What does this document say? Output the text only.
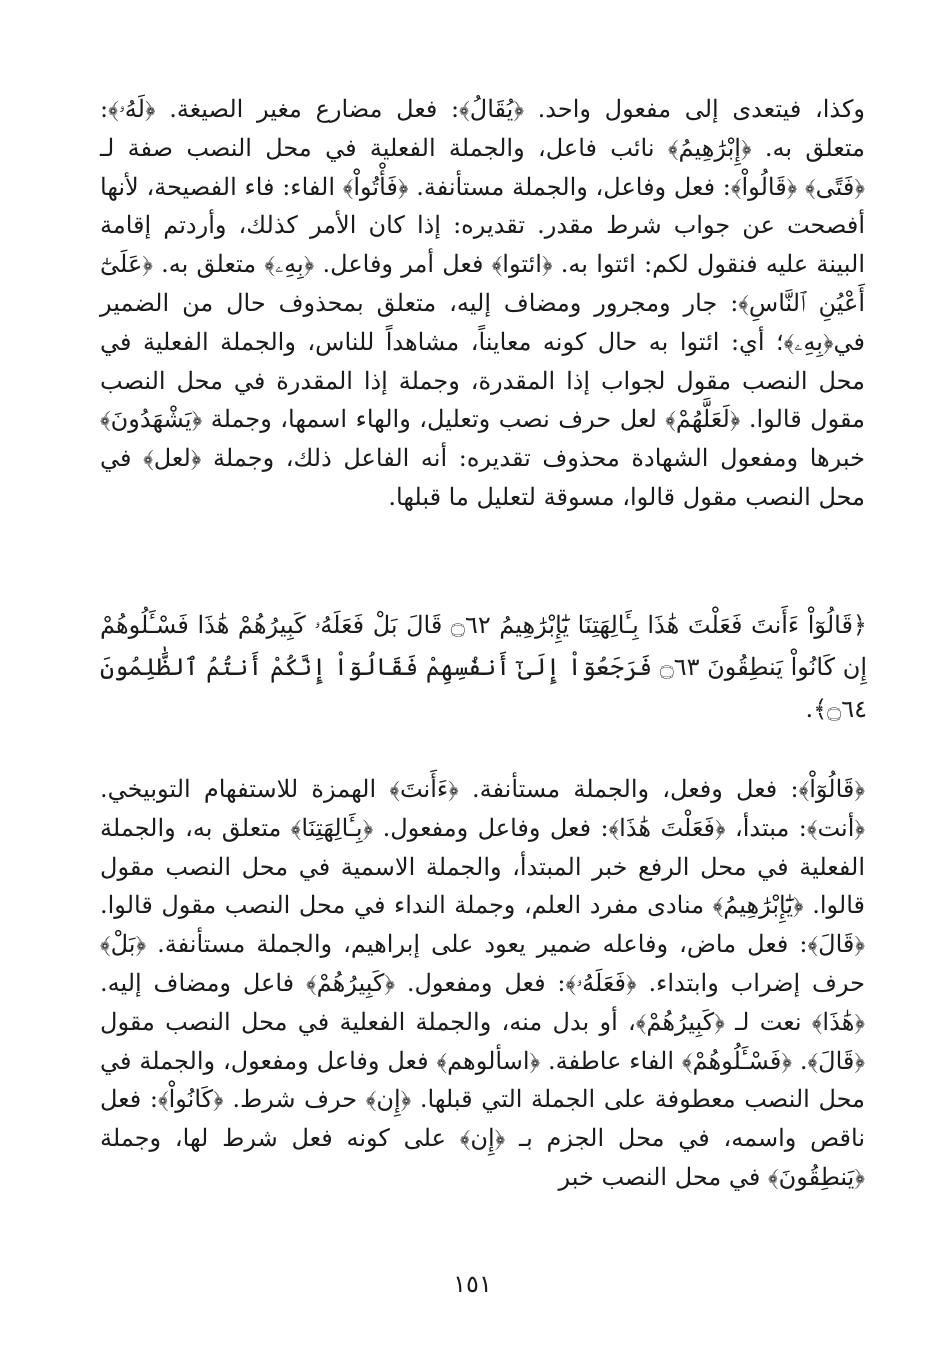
وكذا، فيتعدى إلى مفعول واحد. ﴿يُقَالُ﴾: فعل مضارع مغير الصيغة. ﴿لَهُۥ﴾: متعلق به. ﴿إِبْرَٰهِيمُ﴾ نائب فاعل، والجملة الفعلية في محل النصب صفة لـ ﴿فَتًى﴾ ﴿قَالُواْ﴾: فعل وفاعل، والجملة مستأنفة. ﴿فَأْتُواْ﴾ الفاء: فاء الفصيحة، لأنها أفصحت عن جواب شرط مقدر. تقديره: إذا كان الأمر كذلك، وأردتم إقامة البينة عليه فنقول لكم: ائتوا به. ﴿ائتوا﴾ فعل أمر وفاعل. ﴿بِهِۦ﴾ متعلق به. ﴿عَلَىٰٓ أَعْيُنِ ٱلنَّاسِ﴾: جار ومجرور ومضاف إليه، متعلق بمحذوف حال من الضمير في﴿بِهِۦ﴾؛ أي: ائتوا به حال كونه معايناً، مشاهداً للناس، والجملة الفعلية في محل النصب مقول لجواب إذا المقدرة، وجملة إذا المقدرة في محل النصب مقول قالوا. ﴿لَعَلَّهُمْ﴾ لعل حرف نصب وتعليل، والهاء اسمها، وجملة ﴿يَشْهَدُونَ﴾ خبرها ومفعول الشهادة محذوف تقديره: أنه الفاعل ذلك، وجملة ﴿لعل﴾ في محل النصب مقول قالوا، مسوقة لتعليل ما قبلها.

﴿قَالُوٓاْ ءَأَنتَ فَعَلْتَ هَٰذَا بِـَٔالِهَتِنَا يَٰٓإِبْرَٰهِيمُ ۝٦٢ قَالَ بَلْ فَعَلَهُۥ كَبِيرُهُمْ هَٰذَا فَسْـَٔلُوهُمْ إِن كَانُواْ يَنطِقُونَ ۝٦٣ فَرَجَعُوٓاْ إِلَىٰٓ أَنفُسِهِمْ فَقَالُوٓاْ إِنَّكُمْ أَنتُمُ ٱلظَّٰلِمُونَ ۝٦٤﴾.

﴿قَالُوٓاْ﴾: فعل وفعل، والجملة مستأنفة. ﴿ءَأَنتَ﴾ الهمزة للاستفهام التوبيخي. ﴿أنت﴾: مبتدأ، ﴿فَعَلْتَ هَٰذَا﴾: فعل وفاعل ومفعول. ﴿بِـَٔالِهَتِنَا﴾ متعلق به، والجملة الفعلية في محل الرفع خبر المبتدأ، والجملة الاسمية في محل النصب مقول قالوا. ﴿يَٰٓإِبْرَٰهِيمُ﴾ منادى مفرد العلم، وجملة النداء في محل النصب مقول قالوا. ﴿قَالَ﴾: فعل ماض، وفاعله ضمير يعود على إبراهيم، والجملة مستأنفة. ﴿بَلْ﴾ حرف إضراب وابتداء. ﴿فَعَلَهُۥ﴾: فعل ومفعول. ﴿كَبِيرُهُمْ﴾ فاعل ومضاف إليه. ﴿هَٰذَا﴾ نعت لـ ﴿كَبِيرُهُمْ﴾، أو بدل منه، والجملة الفعلية في محل النصب مقول ﴿قَالَ﴾. ﴿فَسْـَٔلُوهُمْ﴾ الفاء عاطفة. ﴿اسألوهم﴾ فعل وفاعل ومفعول، والجملة في محل النصب معطوفة على الجملة التي قبلها. ﴿إِن﴾ حرف شرط. ﴿كَانُواْ﴾: فعل ناقص واسمه، في محل الجزم بـ ﴿إِن﴾ على كونه فعل شرط لها، وجملة ﴿يَنطِقُونَ﴾ في محل النصب خبر

١٥١
